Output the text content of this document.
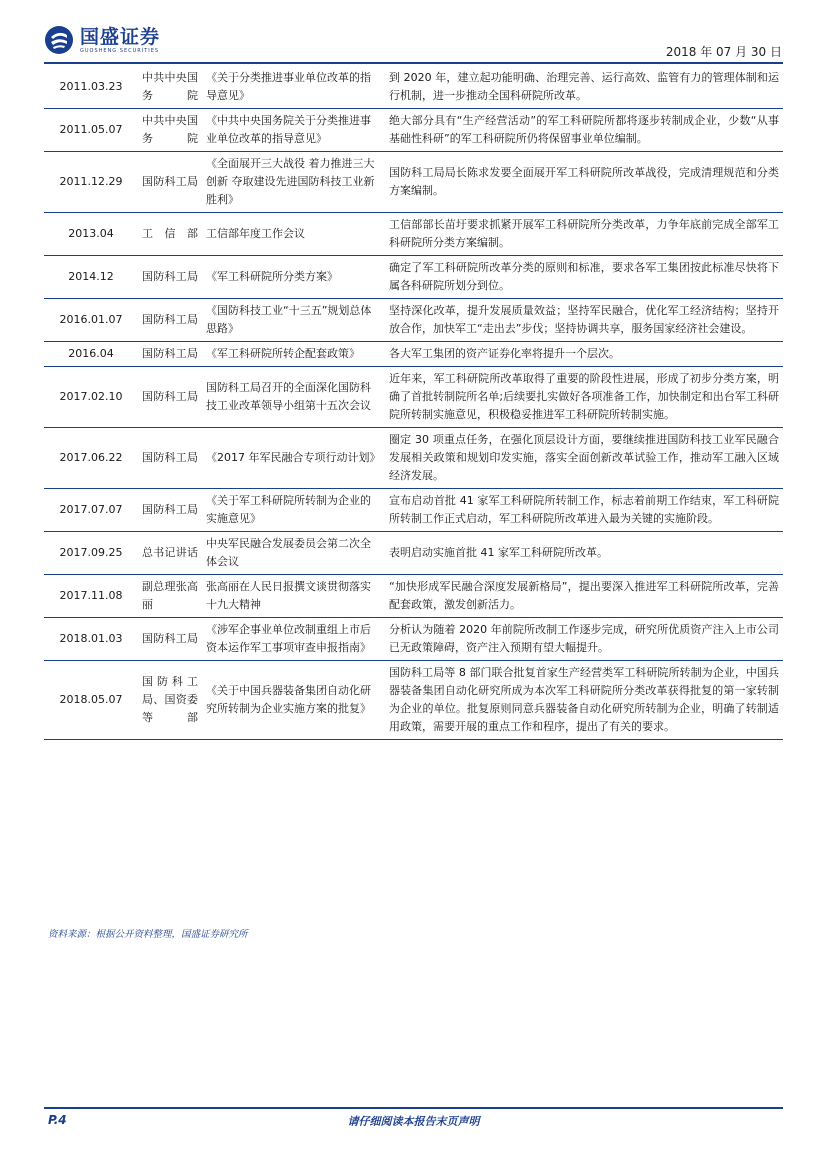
国盛证券
GUOSHENG SECURITIES	2018 年 07 月 30 日
2011.03.23	中共中央国务院	《关于分类推进事业单位改革的指导意见》	到 2020 年，建立起功能明确、治理完善、运行高效、监管有力的管理体制和运行机制，进一步推动全国科研院所改革。
2011.05.07	中共中央国务院	《中共中央国务院关于分类推进事业单位改革的指导意见》	绝大部分具有“生产经营活动”的军工科研院所都将逐步转制成企业，少数“从事基础性科研”的军工科研院所仍将保留事业单位编制。
2011.12.29	国防科工局	《全面展开三大战役 着力推进三大创新 夺取建设先进国防科技工业新胜利》	国防科工局局长陈求发要全面展开军工科研院所改革战役，完成清理规范和分类方案编制。
2013.04	工信部	工信部年度工作会议	工信部部长苗圩要求抓紧开展军工科研院所分类改革，力争年底前完成全部军工科研院所分类方案编制。
2014.12	国防科工局	《军工科研院所分类方案》	确定了军工科研院所改革分类的原则和标准，要求各军工集团按此标准尽快将下属各科研院所划分到位。
2016.01.07	国防科工局	《国防科技工业“十三五”规划总体思路》	坚持深化改革，提升发展质量效益；坚持军民融合，优化军工经济结构；坚持开放合作，加快军工“走出去”步伐；坚持协调共享，服务国家经济社会建设。
2016.04	国防科工局	《军工科研院所转企配套政策》	各大军工集团的资产证券化率将提升一个层次。
2017.02.10	国防科工局	国防科工局召开的全面深化国防科技工业改革领导小组第十五次会议	近年来，军工科研院所改革取得了重要的阶段性进展，形成了初步分类方案，明确了首批转制院所名单;后续要扎实做好各项准备工作，加快制定和出台军工科研院所转制实施意见，积极稳妥推进军工科研院所转制实施。
2017.06.22	国防科工局	《2017 年军民融合专项行动计划》	圈定 30 项重点任务，在强化顶层设计方面，要继续推进国防科技工业军民融合发展相关政策和规划印发实施，落实全面创新改革试验工作，推动军工融入区域经济发展。
2017.07.07	国防科工局	《关于军工科研院所转制为企业的实施意见》	宣布启动首批 41 家军工科研院所转制工作，标志着前期工作结束，军工科研院所转制工作正式启动，军工科研院所改革进入最为关键的实施阶段。
2017.09.25	总书记讲话	中央军民融合发展委员会第二次全体会议	表明启动实施首批 41 家军工科研院所改革。
2017.11.08	副总理张高丽	张高丽在人民日报撰文谈贯彻落实十九大精神	“加快形成军民融合深度发展新格局”，提出要深入推进军工科研院所改革，完善配套政策，激发创新活力。
2018.01.03	国防科工局	《涉军企事业单位改制重组上市后资本运作军工事项审查申报指南》	分析认为随着 2020 年前院所改制工作逐步完成，研究所优质资产注入上市公司已无政策障碍，资产注入预期有望大幅提升。
2018.05.07	国防科工局、国资委等部	《关于中国兵器装备集团自动化研究所转制为企业实施方案的批复》	国防科工局等 8 部门联合批复首家生产经营类军工科研院所转制为企业，中国兵器装备集团自动化研究所成为本次军工科研院所分类改革获得批复的第一家转制为企业的单位。批复原则同意兵器装备自动化研究所转制为企业，明确了转制适用政策，需要开展的重点工作和程序，提出了有关的要求。
资料来源：根据公开资料整理，国盛证券研究所
P.4	请仔细阅读本报告末页声明
